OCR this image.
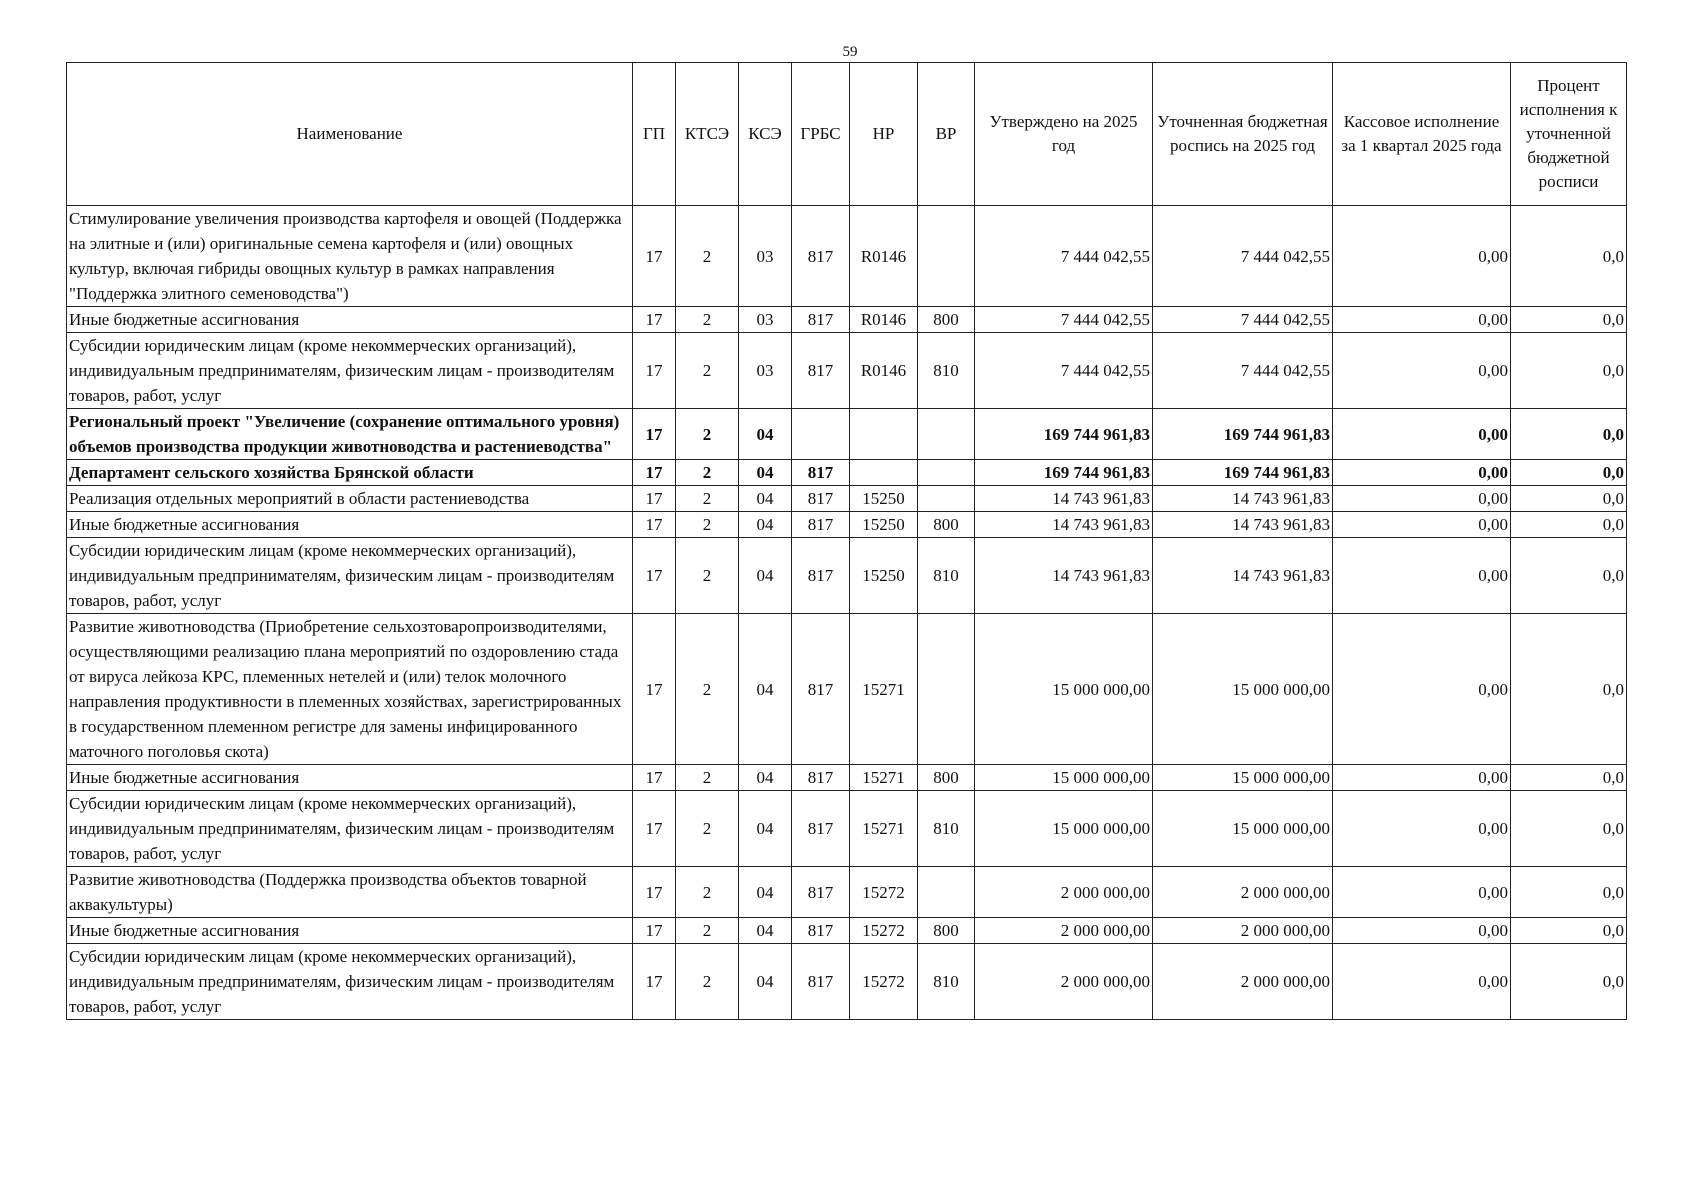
59
Наименование	ГП	КТСЭ	КСЭ	ГРБС	НР	ВР	Утверждено на 2025 год	Уточненная бюджетная роспись на 2025 год	Кассовое исполнение за 1 квартал 2025 года	Процент исполнения к уточненной бюджетной росписи
Стимулирование увеличения производства картофеля и овощей (Поддержка на элитные и (или) оригинальные семена картофеля и (или) овощных культур, включая гибриды овощных культур в рамках направления "Поддержка элитного семеноводства")	17	2	03	817	R0146		7 444 042,55	7 444 042,55	0,00	0,0
Иные бюджетные ассигнования	17	2	03	817	R0146	800	7 444 042,55	7 444 042,55	0,00	0,0
Субсидии юридическим лицам (кроме некоммерческих организаций), индивидуальным предпринимателям, физическим лицам - производителям товаров, работ, услуг	17	2	03	817	R0146	810	7 444 042,55	7 444 042,55	0,00	0,0
Региональный проект "Увеличение (сохранение оптимального уровня) объемов производства продукции животноводства и растениеводства"	17	2	04				169 744 961,83	169 744 961,83	0,00	0,0
Департамент сельского хозяйства Брянской области	17	2	04	817			169 744 961,83	169 744 961,83	0,00	0,0
Реализация отдельных мероприятий в области растениеводства	17	2	04	817	15250		14 743 961,83	14 743 961,83	0,00	0,0
Иные бюджетные ассигнования	17	2	04	817	15250	800	14 743 961,83	14 743 961,83	0,00	0,0
Субсидии юридическим лицам (кроме некоммерческих организаций), индивидуальным предпринимателям, физическим лицам - производителям товаров, работ, услуг	17	2	04	817	15250	810	14 743 961,83	14 743 961,83	0,00	0,0
Развитие животноводства (Приобретение сельхозтоваропроизводителями, осуществляющими реализацию плана мероприятий по оздоровлению стада от вируса лейкоза КРС, племенных нетелей и (или) телок молочного направления продуктивности в племенных хозяйствах, зарегистрированных в государственном племенном регистре для замены инфицированного маточного поголовья скота)	17	2	04	817	15271		15 000 000,00	15 000 000,00	0,00	0,0
Иные бюджетные ассигнования	17	2	04	817	15271	800	15 000 000,00	15 000 000,00	0,00	0,0
Субсидии юридическим лицам (кроме некоммерческих организаций), индивидуальным предпринимателям, физическим лицам - производителям товаров, работ, услуг	17	2	04	817	15271	810	15 000 000,00	15 000 000,00	0,00	0,0
Развитие животноводства (Поддержка производства объектов товарной аквакультуры)	17	2	04	817	15272		2 000 000,00	2 000 000,00	0,00	0,0
Иные бюджетные ассигнования	17	2	04	817	15272	800	2 000 000,00	2 000 000,00	0,00	0,0
Субсидии юридическим лицам (кроме некоммерческих организаций), индивидуальным предпринимателям, физическим лицам - производителям товаров, работ, услуг	17	2	04	817	15272	810	2 000 000,00	2 000 000,00	0,00	0,0
